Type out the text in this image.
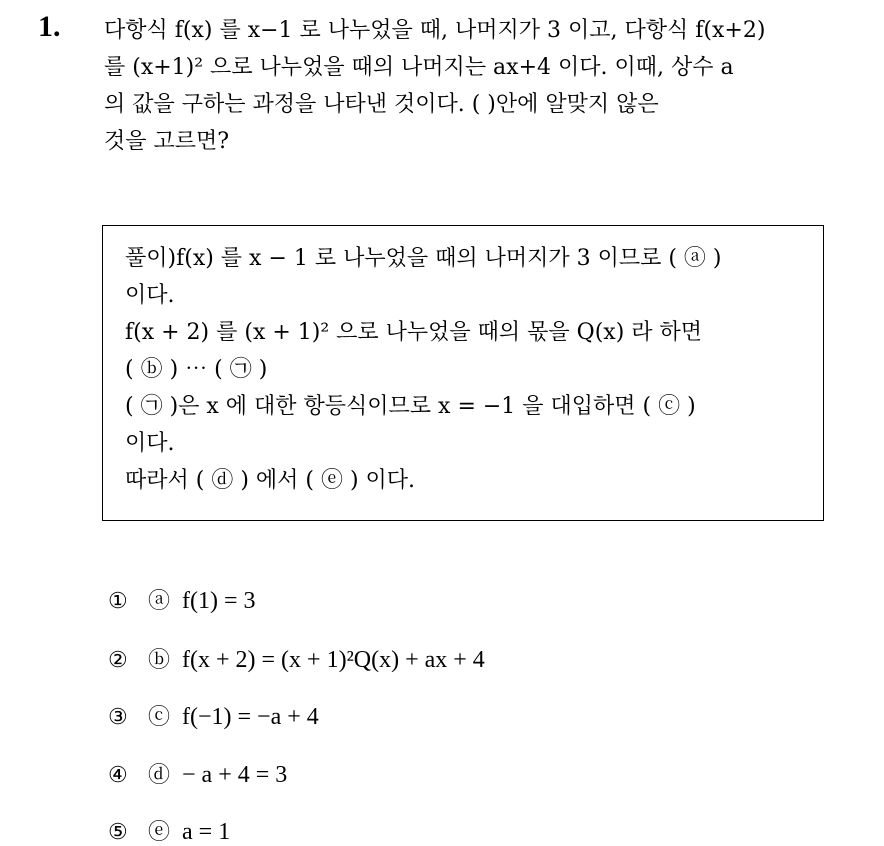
1. 다항식 f(x) 를 x−1 로 나누었을 때, 나머지가 3 이고, 다항식 f(x+2)
를 (x+1)² 으로 나누었을 때의 나머지는 ax+4 이다. 이때, 상수 a
의 값을 구하는 과정을 나타낸 것이다. ( )안에 알맞지 않은
것을 고르면?
풀이)f(x) 를 x − 1 로 나누었을 때의 나머지가 3 이므로 ( ⓐ )
이다.
f(x + 2) 를 (x + 1)² 으로 나누었을 때의 몫을 Q(x) 라 하면
( ⓑ ) ⋯ ( ㉠ )
( ㉠ )은 x 에 대한 항등식이므로 x = −1 을 대입하면 ( ⓒ )
이다.
따라서 ( ⓓ ) 에서 ( ⓔ ) 이다.
① ⓐ f(1) = 3
② ⓑ f(x + 2) = (x + 1)²Q(x) + ax + 4
③ ⓒ f(−1) = −a + 4
④ ⓓ − a + 4 = 3
⑤ ⓔ a = 1
